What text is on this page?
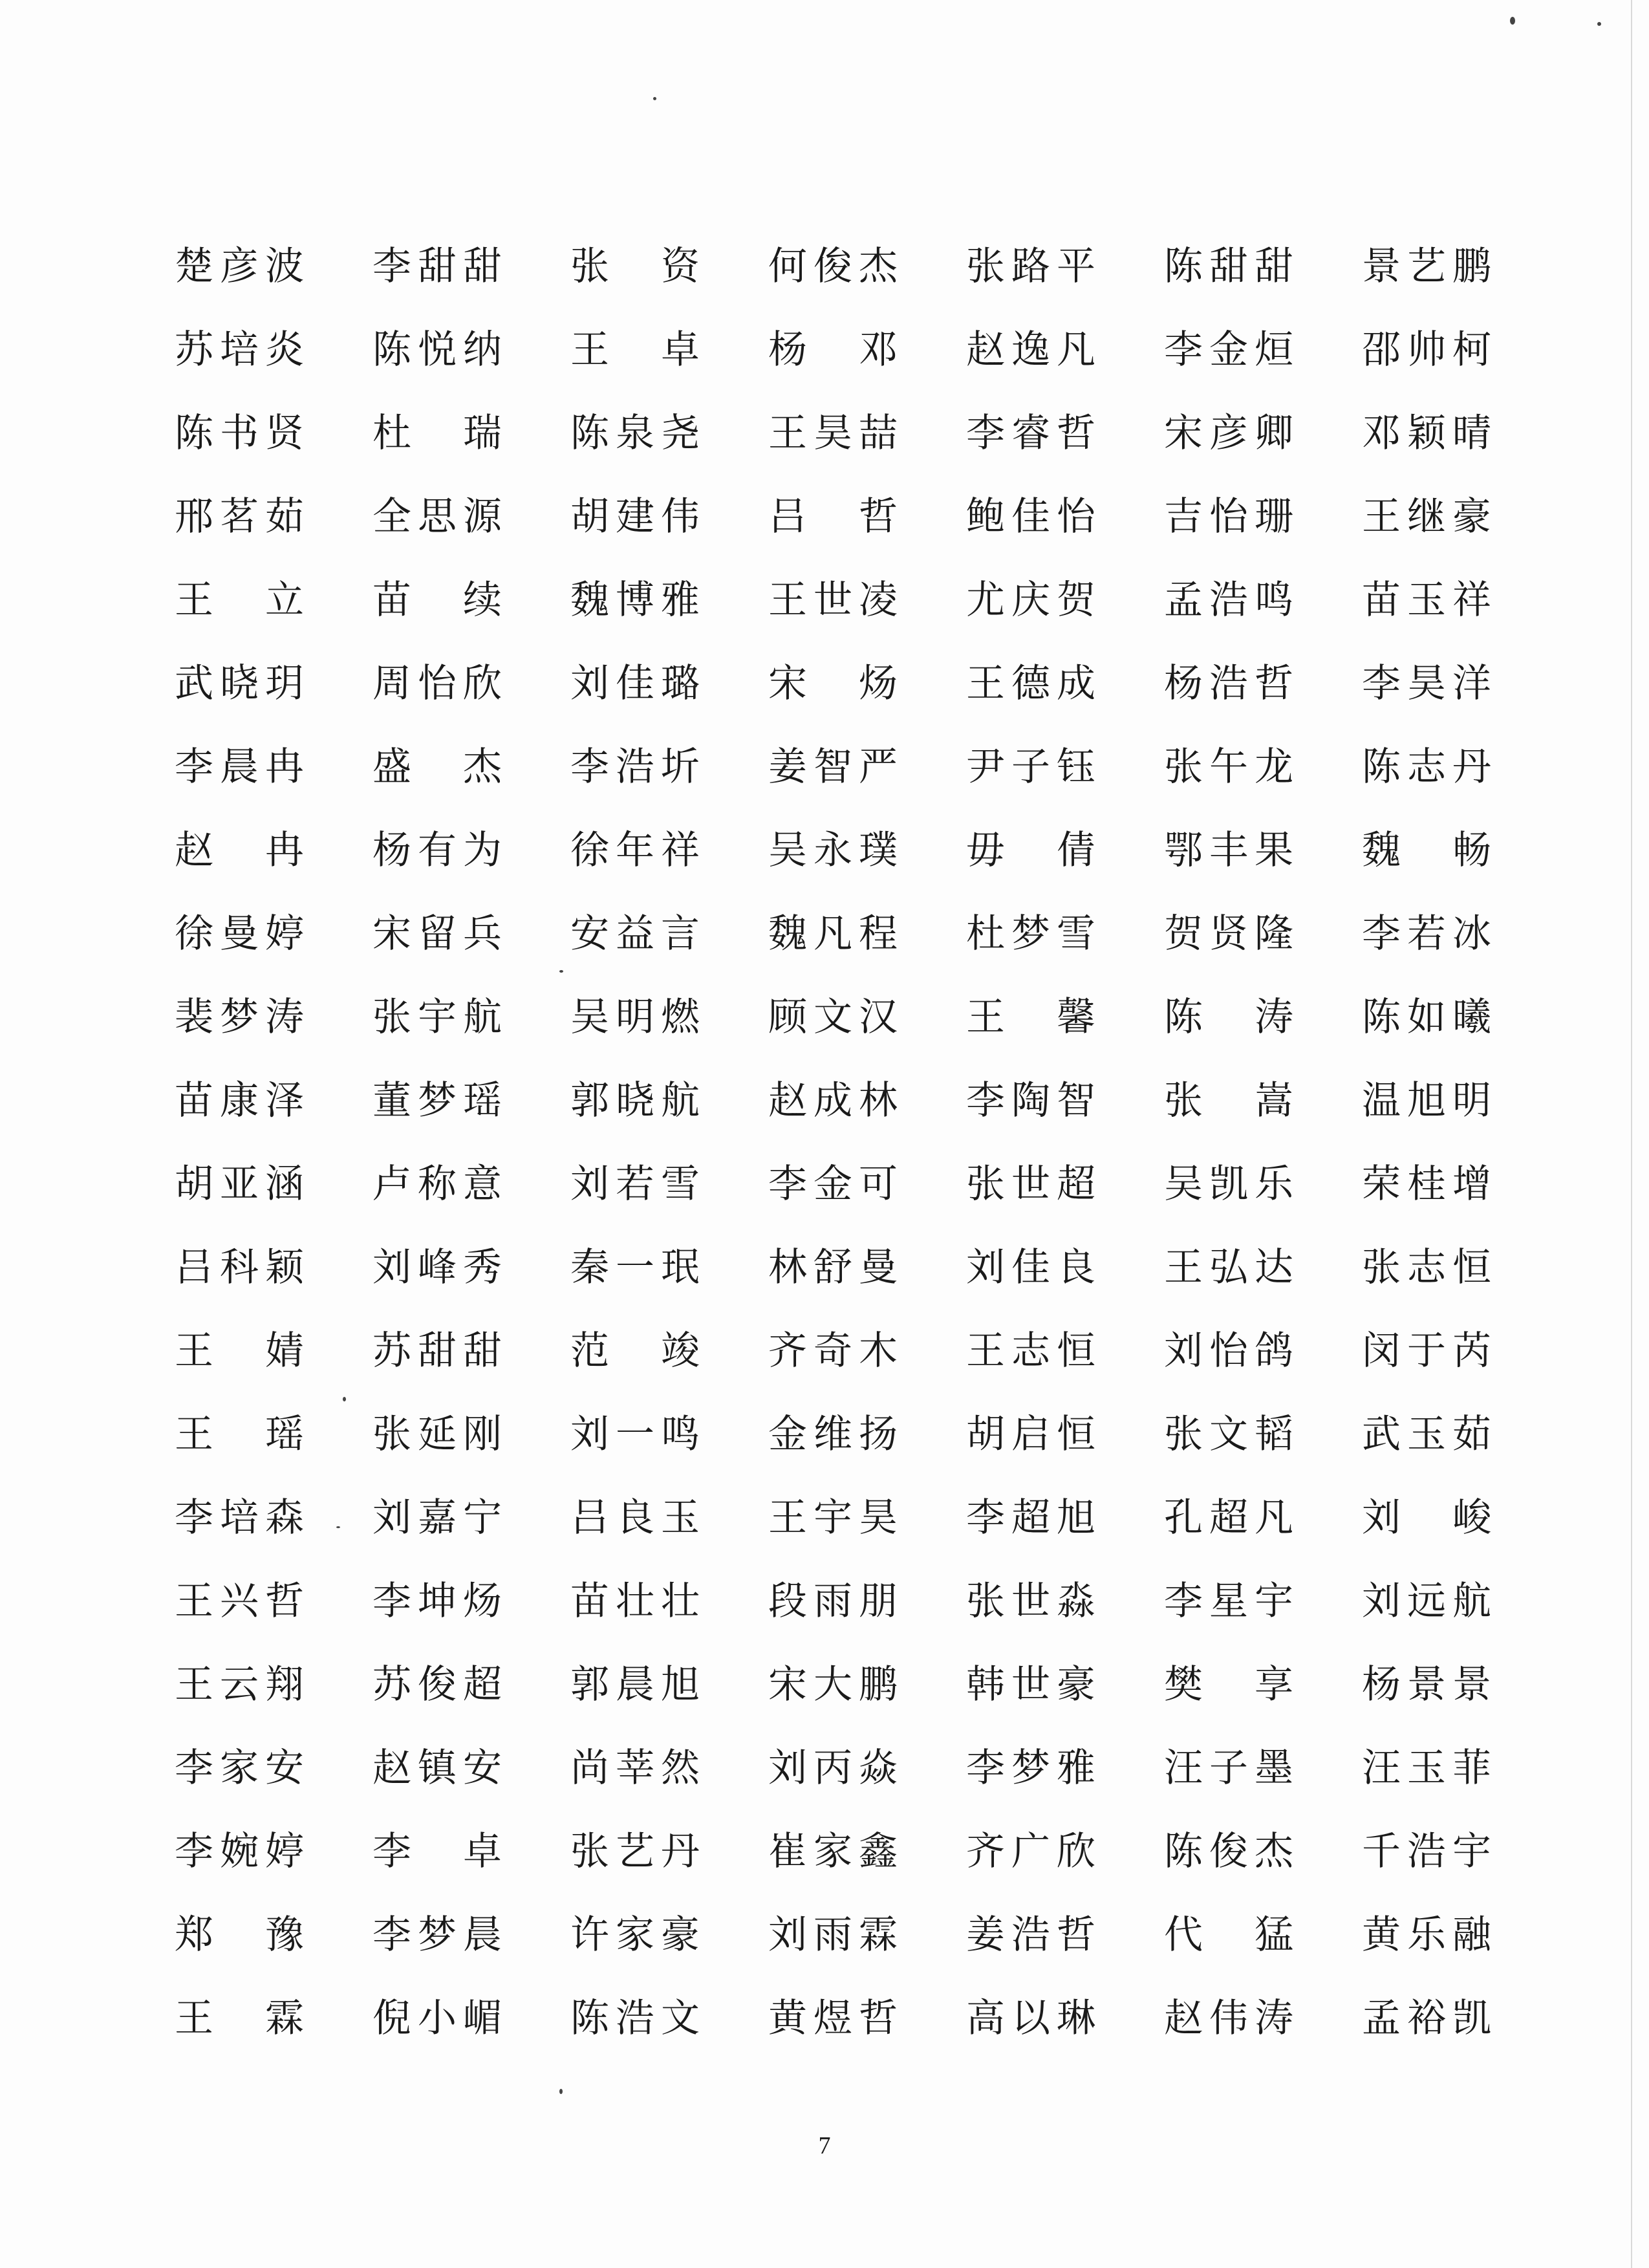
楚彦波	李甜甜	张　资	何俊杰	张路平	陈甜甜	景艺鹏
苏培炎	陈悦纳	王　卓	杨　邓	赵逸凡	李金烜	邵帅柯
陈书贤	杜　瑞	陈泉尧	王昊喆	李睿哲	宋彦卿	邓颖晴
邢茗茹	全思源	胡建伟	吕　哲	鲍佳怡	吉怡珊	王继豪
王　立	苗　续	魏博雅	王世凌	尤庆贺	孟浩鸣	苗玉祥
武晓玥	周怡欣	刘佳璐	宋　炀	王德成	杨浩哲	李昊洋
李晨冉	盛　杰	李浩圻	姜智严	尹子钰	张午龙	陈志丹
赵　冉	杨有为	徐年祥	吴永璞	毋　倩	鄂丰果	魏　畅
徐曼婷	宋留兵	安益言	魏凡程	杜梦雪	贺贤隆	李若冰
裴梦涛	张宇航	吴明燃	顾文汉	王　馨	陈　涛	陈如曦
苗康泽	董梦瑶	郭晓航	赵成林	李陶智	张　嵩	温旭明
胡亚涵	卢称意	刘若雪	李金可	张世超	吴凯乐	荣桂增
吕科颖	刘峰秀	秦一珉	林舒曼	刘佳良	王弘达	张志恒
王　婧	苏甜甜	范　竣	齐奇木	王志恒	刘怡鸽	闵于芮
王　瑶	张延刚	刘一鸣	金维扬	胡启恒	张文韬	武玉茹
李培森	刘嘉宁	吕良玉	王宇昊	李超旭	孔超凡	刘　峻
王兴哲	李坤炀	苗壮壮	段雨朋	张世淼	李星宇	刘远航
王云翔	苏俊超	郭晨旭	宋大鹏	韩世豪	樊　享	杨景景
李家安	赵镇安	尚莘然	刘丙焱	李梦雅	汪子墨	汪玉菲
李婉婷	李　卓	张艺丹	崔家鑫	齐广欣	陈俊杰	千浩宇
郑　豫	李梦晨	许家豪	刘雨霖	姜浩哲	代　猛	黄乐融
王　霖	倪小嵋	陈浩文	黄煜哲	高以琳	赵伟涛	孟裕凯
7
